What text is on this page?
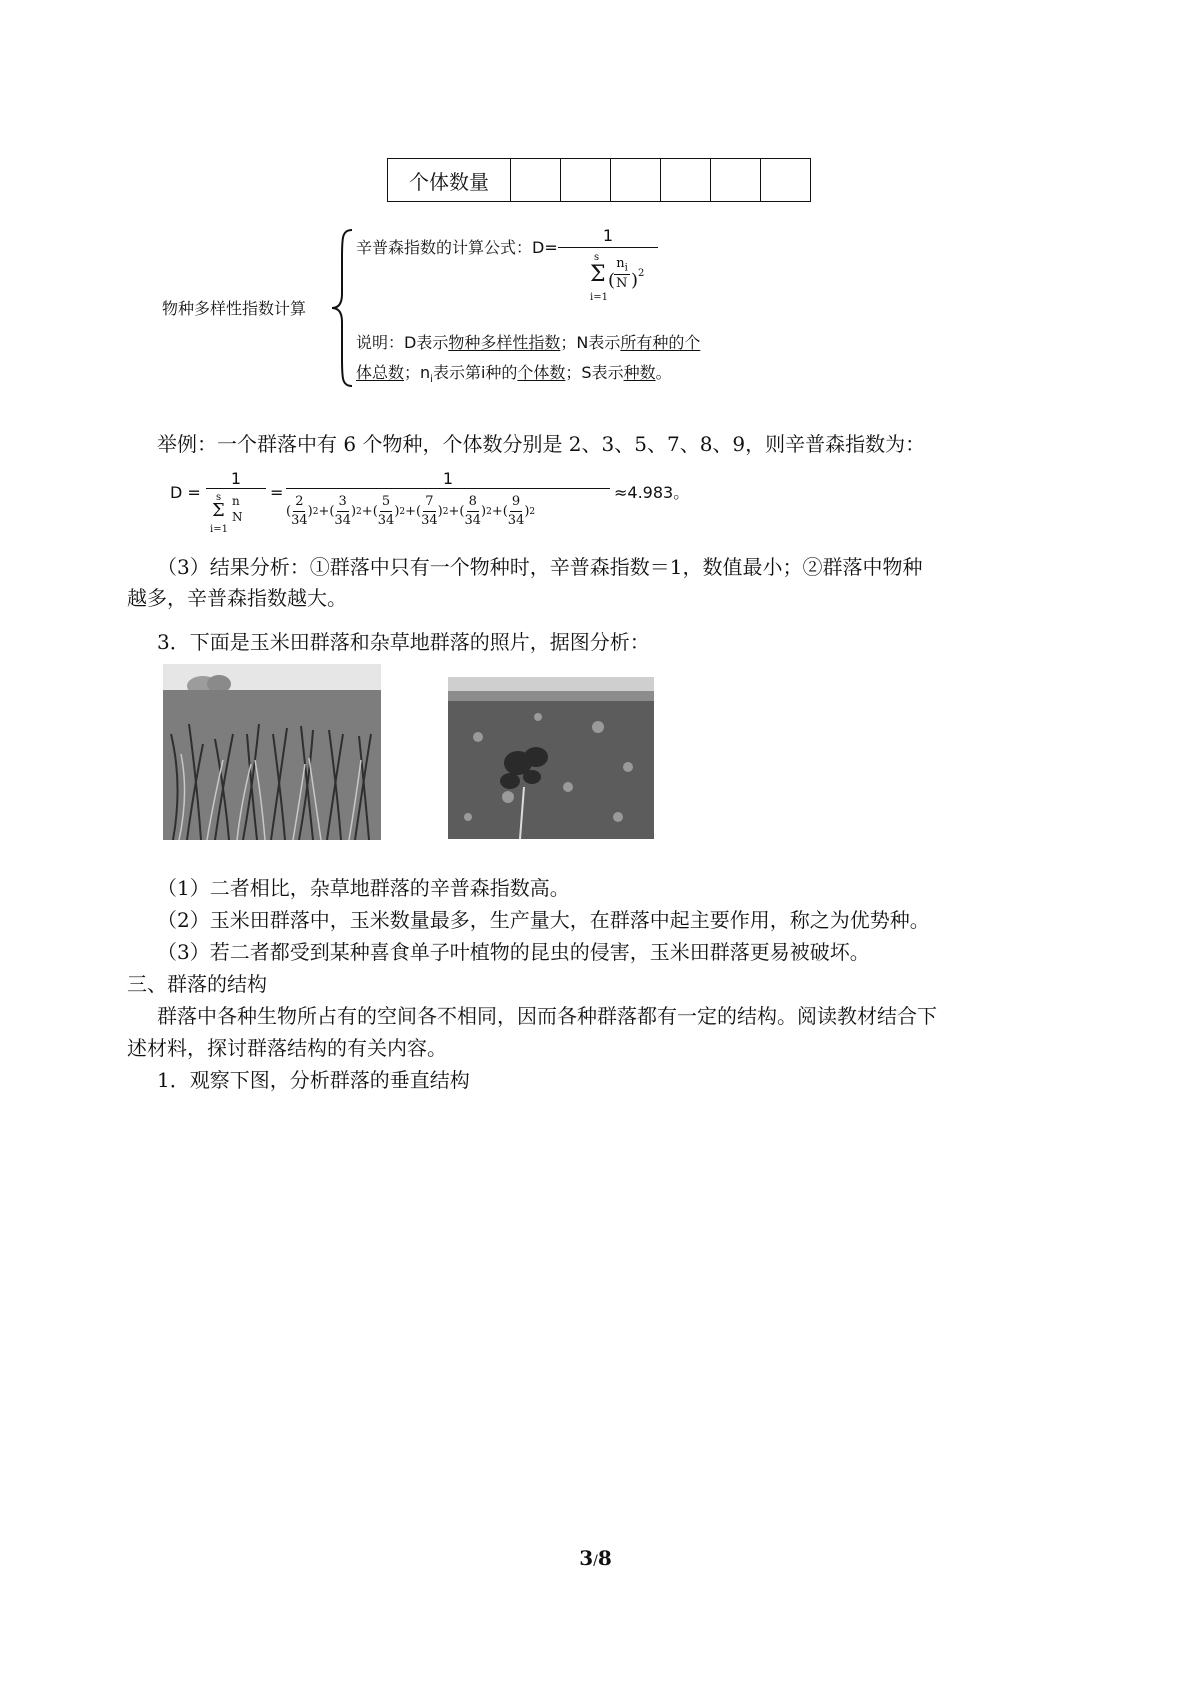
个体数量						
物种多样性指数计算
辛普森指数的计算公式：D=
1
s
Σ
i=1
(
$n_i$
N ) 2
说明：D表示物种多样性指数；N表示所有种的个
体总数；$n_i$表示第i种的个体数；S表示种数。
举例：一个群落中有 6 个物种，个体数分别是 2、3、5、7、8、9，则辛普森指数为：
D =
1
s
Σ
i=1
n
N
=
1
( $\frac{2}{34}$ ) 2 + ( $\frac{3}{34}$ ) 2 + ( $\frac{5}{34}$ ) 2 + ( $\frac{7}{34}$ ) 2 + ( $\frac{8}{34}$ ) 2 + ( $\frac{9}{34}$ ) 2
≈4.983。
（3）结果分析：①群落中只有一个物种时，辛普森指数＝1，数值最小；②群落中物种
越多，辛普森指数越大。
3．下面是玉米田群落和杂草地群落的照片，据图分析：
（1）二者相比，杂草地群落的辛普森指数高。
（2）玉米田群落中，玉米数量最多，生产量大，在群落中起主要作用，称之为优势种。
（3）若二者都受到某种喜食单子叶植物的昆虫的侵害，玉米田群落更易被破坏。
三、群落的结构
群落中各种生物所占有的空间各不相同，因而各种群落都有一定的结构。阅读教材结合下
述材料，探讨群落结构的有关内容。
1．观察下图，分析群落的垂直结构
3/8
